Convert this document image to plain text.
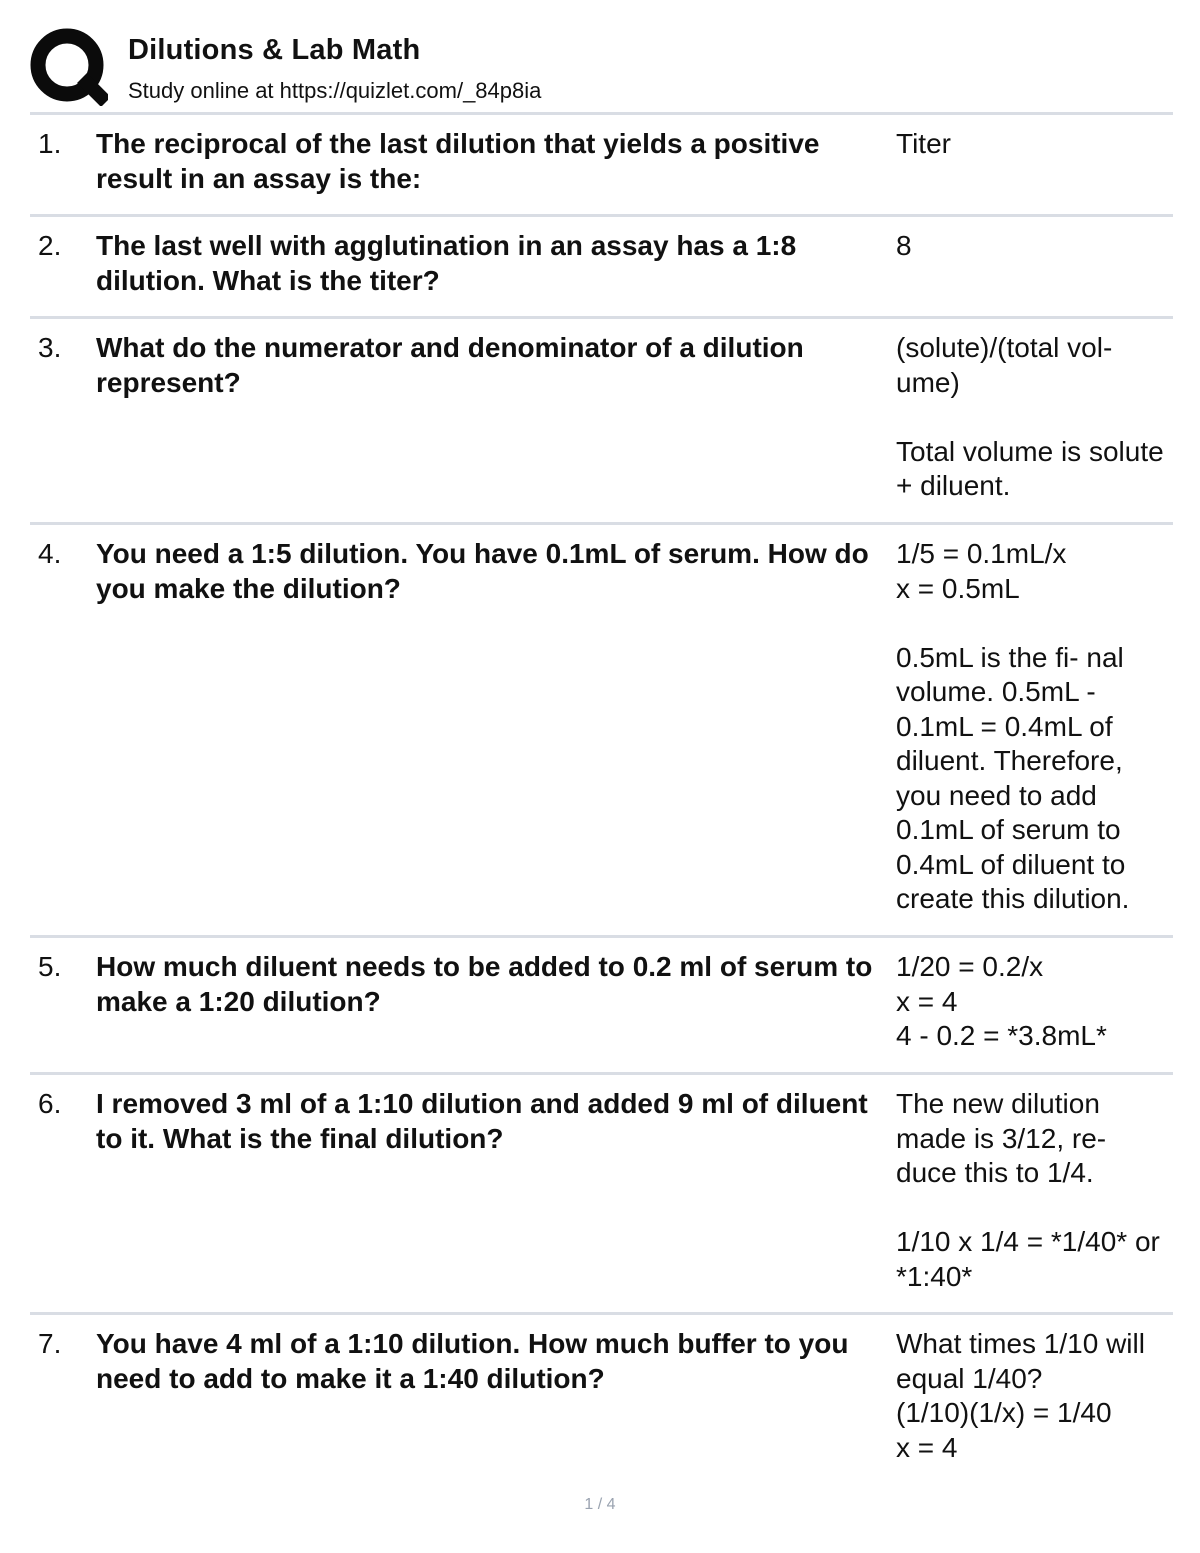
Dilutions & Lab Math
Study online at https://quizlet.com/_84p8ia
1.	The reciprocal of the last dilution that yields a positive result in an assay is the:

Titer

2.	The last well with agglutination in an assay has a 1:8 dilution. What is the titer?

8

3.	What do the numerator and denominator of a dilution represent?

(solute)/(total vol- ume)

Total volume is solute + diluent.

4.	You need a 1:5 dilution. You have 0.1mL of serum. How do you make the dilution?

1/5 = 0.1mL/x
x = 0.5mL

0.5mL is the fi- nal volume. 0.5mL - 0.1mL = 0.4mL of diluent. Therefore, you need to add 0.1mL of serum to 0.4mL of diluent to create this dilution.

5.	How much diluent needs to be added to 0.2 ml of serum to make a 1:20 dilution?

1/20 = 0.2/x
x = 4
4 - 0.2 = *3.8mL*

6.	I removed 3 ml of a 1:10 dilution and added 9 ml of diluent to it. What is the final dilution?

The new dilution made is 3/12, re- duce this to 1/4.

1/10 x 1/4 = *1/40* or *1:40*

7.	You have 4 ml of a 1:10 dilution. How much buffer to you need to add to make it a 1:40 dilution?

What times 1/10 will equal 1/40?
(1/10)(1/x) = 1/40
x = 4

1 / 4
